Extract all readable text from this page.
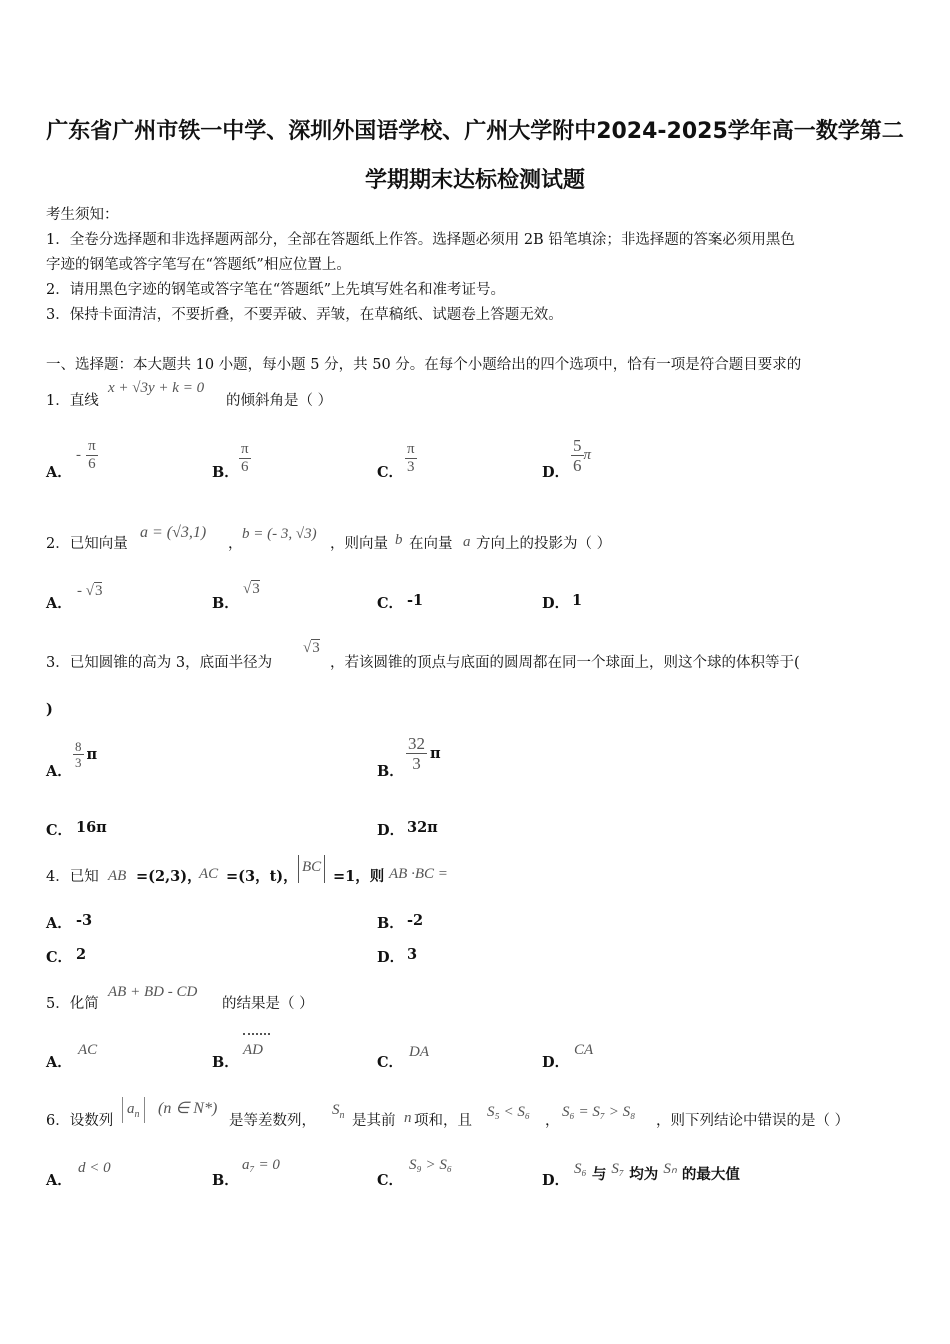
广东省广州市铁一中学、深圳外国语学校、广州大学附中2024-2025学年高一数学第二
学期期末达标检测试题
考生须知：
1．全卷分选择题和非选择题两部分，全部在答题纸上作答。选择题必须用 2B 铅笔填涂；非选择题的答案必须用黑色
字迹的钢笔或答字笔写在“答题纸”相应位置上。
2．请用黑色字迹的钢笔或答字笔在“答题纸”上先填写姓名和准考证号。
3．保持卡面清洁，不要折叠，不要弄破、弄皱，在草稿纸、试题卷上答题无效。
一、选择题：本大题共 10 小题，每小题 5 分，共 50 分。在每个小题给出的四个选项中，恰有一项是符合题目要求的
1．直线
x + √3y + k = 0
的倾斜角是（ ）
A．
- $\frac{\pi}{6}$	B． $\frac{\pi}{6}$	C． $\frac{\pi}{3}$	D． $\frac{5}{6}$ π
2．已知向量
a = (√3,1)
，
b = (- 3, √3)
，则向量 b 在向量 a 方向上的投影为（ ）
A．
- √3
B．
√3
C． -1	D． 1
3．已知圆锥的高为 3，底面半径为
√3
，若该圆锥的顶点与底面的圆周都在同一个球面上，则这个球的体积等于(
)
A．
$\frac{8}{3}$ π
B． $\frac{32}{3}$ π
C． 16π	D． 32π
4．已知 AB =(2,3)，
AC =(3，t)，
BC
=1，则 AB ·BC =
A． -3	B． -2
C． 2	D． 3
5．化简
AB + BD - CD
的结果是（ ）
A．
AC
B．
AD
C．
DA
D．
CA
6．设数列
$a_n$	(n ∈ N*)
是等差数列，
$S_n$ 是其前 n 项和，且
S₅ < S₆
，
S₆ = S₇ > S₈
，则下列结论中错误的是（ ）
A．
d < 0
B．
a₇ = 0
C．
S₉ > S₆
D．
S₆ 与 S₇ 均为 Sₙ 的最大值
